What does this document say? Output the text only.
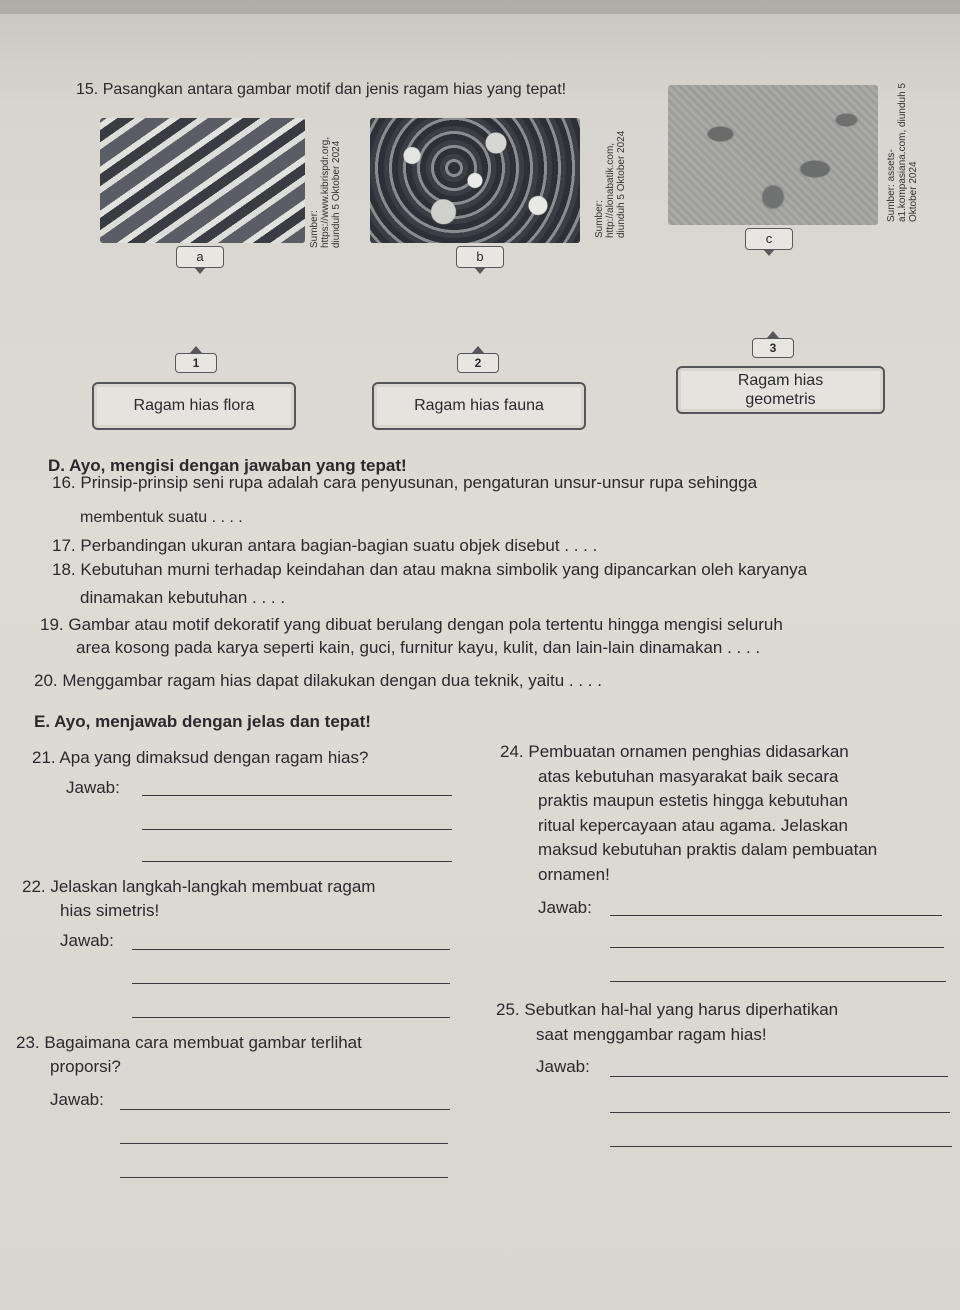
15. Pasangkan antara gambar motif dan jenis ragam hias yang tepat!
a
Sumber: https://www.kibrispdr.org, diunduh 5 Oktober 2024
b
Sumber: http://alonabatik.com, diunduh 5 Oktober 2024
c
Sumber: assets-a1.kompasiana.com, diunduh 5 Oktober 2024
1
Ragam hias flora
2
Ragam hias fauna
3
Ragam hias
geometris
D. Ayo, mengisi dengan jawaban yang tepat!
16. Prinsip-prinsip seni rupa adalah cara penyusunan, pengaturan unsur-unsur rupa sehingga
membentuk suatu . . . .
17. Perbandingan ukuran antara bagian-bagian suatu objek disebut . . . .
18. Kebutuhan murni terhadap keindahan dan atau makna simbolik yang dipancarkan oleh karyanya
dinamakan kebutuhan . . . .
19. Gambar atau motif dekoratif yang dibuat berulang dengan pola tertentu hingga mengisi seluruh
area kosong pada karya seperti kain, guci, furnitur kayu, kulit, dan lain-lain dinamakan . . . .
20. Menggambar ragam hias dapat dilakukan dengan dua teknik, yaitu . . . .
E. Ayo, menjawab dengan jelas dan tepat!
21. Apa yang dimaksud dengan ragam hias?
Jawab:
22. Jelaskan langkah-langkah membuat ragam
hias simetris!
Jawab:
23. Bagaimana cara membuat gambar terlihat
proporsi?
Jawab:
24. Pembuatan ornamen penghias didasarkan
atas kebutuhan masyarakat baik secara
praktis maupun estetis hingga kebutuhan
ritual kepercayaan atau agama. Jelaskan
maksud kebutuhan praktis dalam pembuatan
ornamen!
Jawab:
25. Sebutkan hal-hal yang harus diperhatikan
saat menggambar ragam hias!
Jawab:
